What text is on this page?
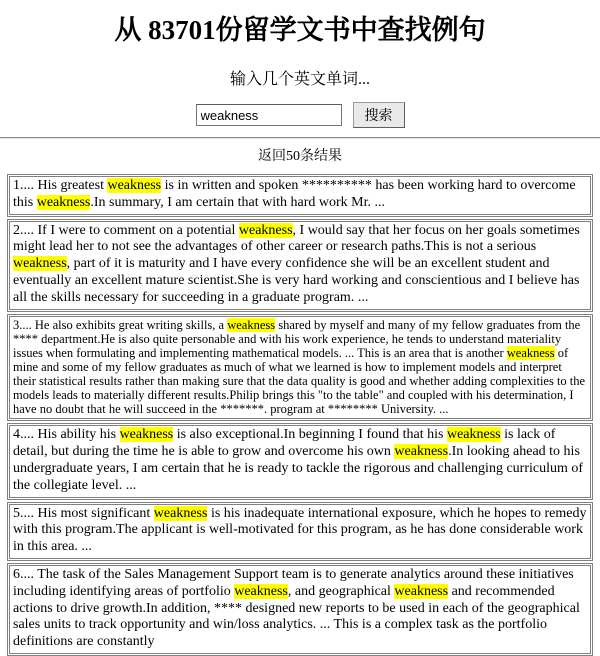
从 83701份留学文书中查找例句
输入几个英文单词...
weakness 搜索
返回50条结果
1.... His greatest weakness is in written and spoken ********** has been working hard to overcome this weakness.In summary, I am certain that with hard work Mr. ...
2.... If I were to comment on a potential weakness, I would say that her focus on her goals sometimes might lead her to not see the advantages of other career or research paths.This is not a serious weakness, part of it is maturity and I have every confidence she will be an excellent student and eventually an excellent mature scientist.She is very hard working and conscientious and I believe has all the skills necessary for succeeding in a graduate program. ...
3.... He also exhibits great writing skills, a weakness shared by myself and many of my fellow graduates from the **** department.He is also quite personable and with his work experience, he tends to understand materiality issues when formulating and implementing mathematical models. ... This is an area that is another weakness of mine and some of my fellow graduates as much of what we learned is how to implement models and interpret their statistical results rather than making sure that the data quality is good and whether adding complexities to the models leads to materially different results.Philip brings this "to the table" and coupled with his determination, I have no doubt that he will succeed in the *******. program at ******** University. ...
4.... His ability his weakness is also exceptional.In beginning I found that his weakness is lack of detail, but during the time he is able to grow and overcome his own weakness.In looking ahead to his undergraduate years, I am certain that he is ready to tackle the rigorous and challenging curriculum of the collegiate level. ...
5.... His most significant weakness is his inadequate international exposure, which he hopes to remedy with this program.The applicant is well-motivated for this program, as he has done considerable work in this area. ...
6.... The task of the Sales Management Support team is to generate analytics around these initiatives including identifying areas of portfolio weakness, and geographical weakness and recommended actions to drive growth.In addition, **** designed new reports to be used in each of the geographical sales units to track opportunity and win/loss analytics. ... This is a complex task as the portfolio definitions are constantly
